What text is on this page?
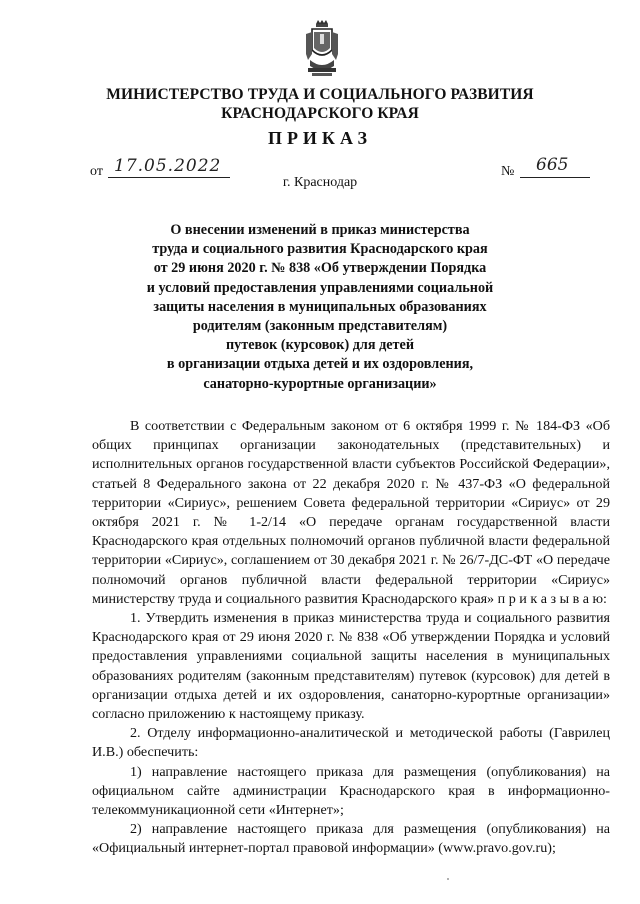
МИНИСТЕРСТВО ТРУДА И СОЦИАЛЬНОГО РАЗВИТИЯ
КРАСНОДАРСКОГО КРАЯ
ПРИКАЗ
от 17.05.2022	№ 665
г. Краснодар
О внесении изменений в приказ министерства
труда и социального развития Краснодарского края
от 29 июня 2020 г. № 838 «Об утверждении Порядка
и условий предоставления управлениями социальной
защиты населения в муниципальных образованиях
родителям (законным представителям)
путевок (курсовок) для детей
в организации отдыха детей и их оздоровления,
санаторно-курортные организации»

В соответствии с Федеральным законом от 6 октября 1999 г. № 184-ФЗ «Об общих принципах организации законодательных (представительных) и исполнительных органов государственной власти субъектов Российской Федерации», статьей 8 Федерального закона от 22 декабря 2020 г. № 437-ФЗ «О федеральной территории «Сириус», решением Совета федеральной территории «Сириус» от 29 октября 2021 г. № 1-2/14 «О передаче органам государственной власти Краснодарского края отдельных полномочий органов публичной власти федеральной территории «Сириус», соглашением от 30 декабря 2021 г. № 26/7-ДС-ФТ «О передаче полномочий органов публичной власти федеральной территории «Сириус» министерству труда и социального развития Краснодарского края» п р и к а з ы в а ю:

1. Утвердить изменения в приказ министерства труда и социального развития Краснодарского края от 29 июня 2020 г. № 838 «Об утверждении Порядка и условий предоставления управлениями социальной защиты населения в муниципальных образованиях родителям (законным представителям) путевок (курсовок) для детей в организации отдыха детей и их оздоровления, санаторно-курортные организации» согласно приложению к настоящему приказу.

2. Отделу информационно-аналитической и методической работы (Гаврилец И.В.) обеспечить:

1) направление настоящего приказа для размещения (опубликования) на официальном сайте администрации Краснодарского края в информационно-телекоммуникационной сети «Интернет»;

2) направление настоящего приказа для размещения (опубликования) на «Официальный интернет-портал правовой информации» (www.pravo.gov.ru);
